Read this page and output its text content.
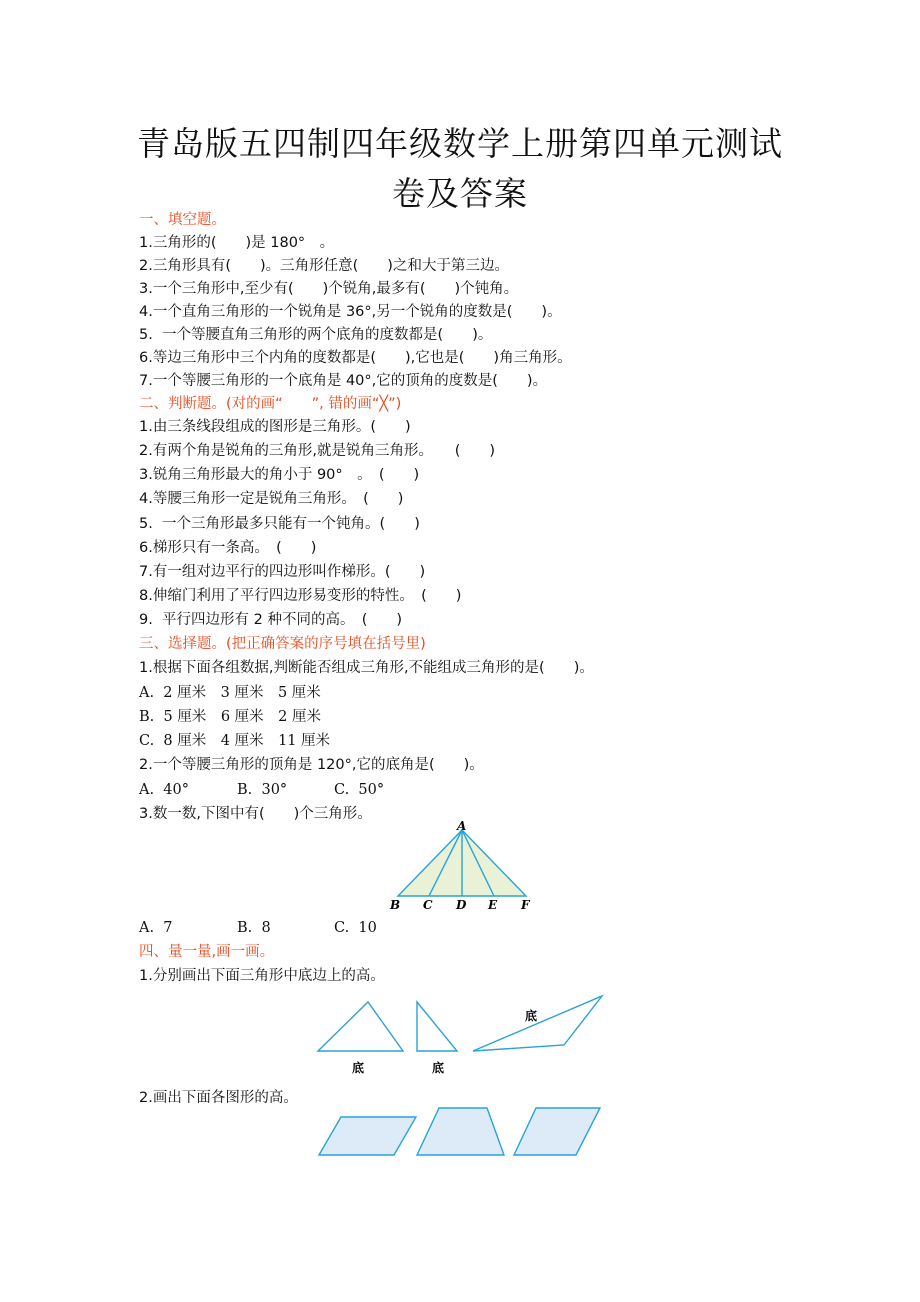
青岛版五四制四年级数学上册第四单元测试
卷及答案
一、填空题。
1.三角形的(　　)是 180°　。
2.三角形具有(　　)。三角形任意(　　)之和大于第三边。
3.一个三角形中,至少有(　　)个锐角,最多有(　　)个钝角。
4.一个直角三角形的一个锐角是 36°,另一个锐角的度数是(　　)。
5.  一个等腰直角三角形的两个底角的度数都是(　　)。
6.等边三角形中三个内角的度数都是(　　),它也是(　　)角三角形。
7.一个等腰三角形的一个底角是 40°,它的顶角的度数是(　　)。
二、判断题。(对的画“　　”, 错的画“╳”)
1.由三条线段组成的图形是三角形。(　　)
2.有两个角是锐角的三角形,就是锐角三角形。　　(　　)
3.锐角三角形最大的角小于 90°　。　(　　)
4.等腰三角形一定是锐角三角形。　(　　)
5.  一个三角形最多只能有一个钝角。(　　)
6.梯形只有一条高。　(　　)
7.有一组对边平行的四边形叫作梯形。(　　)
8.伸缩门利用了平行四边形易变形的特性。　(　　)
9.  平行四边形有 2 种不同的高。　(　　)
三、选择题。(把正确答案的序号填在括号里)
1.根据下面各组数据,判断能否组成三角形,不能组成三角形的是(　　)。
A.  2 厘米　3 厘米　5 厘米
B.  5 厘米　6 厘米　2 厘米
C.  8 厘米　4 厘米　11 厘米
2.一个等腰三角形的顶角是 120°,它的底角是(　　)。
A.  40°	B.  30°	C.  50°
3.数一数,下图中有(　　)个三角形。
A
B C D E F
A.  7	B.  8	C.  10
四、量一量,画一画。
1.分别画出下面三角形中底边上的高。
底	底
底
2.画出下面各图形的高。
